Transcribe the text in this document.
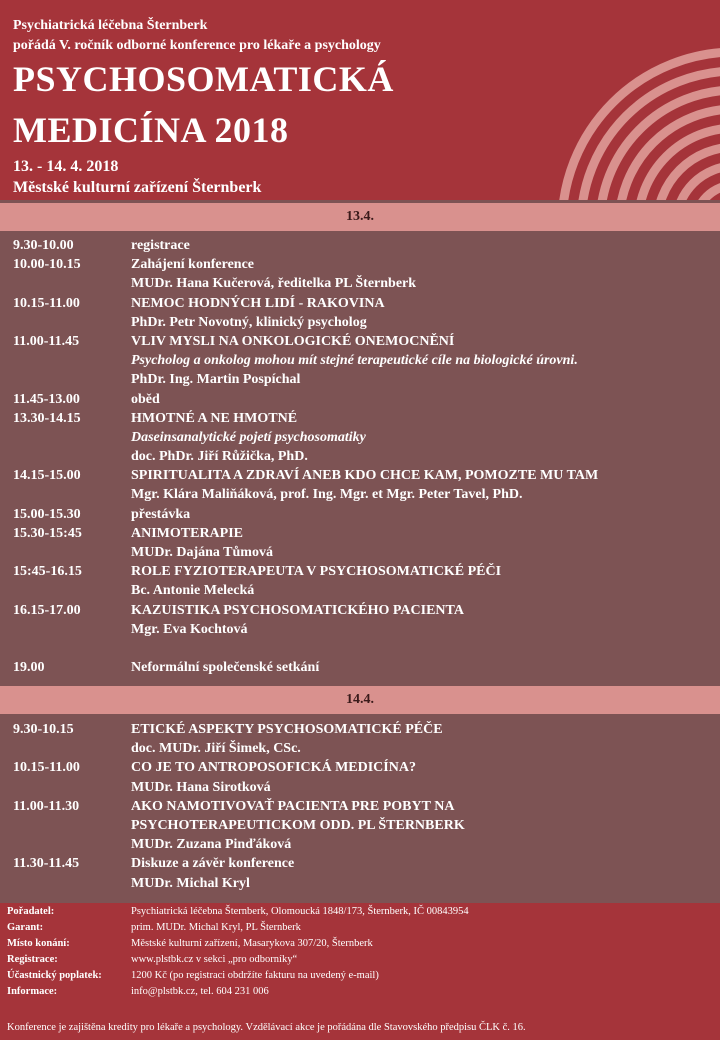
Psychiatrická léčebna Šternberk
pořádá V. ročník odborné konference pro lékaře a psychology
PSYCHOSOMATICKÁ
MEDICÍNA 2018
13. - 14. 4. 2018
Městské kulturní zařízení Šternberk
13.4.
9.30-10.00	registrace
10.00-10.15	Zahájení konference
MUDr. Hana Kučerová, ředitelka PL Šternberk
10.15-11.00	NEMOC HODNÝCH LIDÍ - RAKOVINA
PhDr. Petr Novotný, klinický psycholog
11.00-11.45	VLIV MYSLI NA ONKOLOGICKÉ ONEMOCNĚNÍ
Psycholog a onkolog mohou mít stejné terapeutické cíle na biologické úrovni.
PhDr. Ing. Martin Pospíchal
11.45-13.00	oběd
13.30-14.15	HMOTNÉ A NE HMOTNÉ
Daseinsanalytické pojetí psychosomatiky
doc. PhDr. Jiří Růžička, PhD.
14.15-15.00	SPIRITUALITA A ZDRAVÍ ANEB KDO CHCE KAM, POMOZTE MU TAM
Mgr. Klára Maliňáková, prof. Ing. Mgr. et Mgr. Peter Tavel, PhD.
15.00-15.30	přestávka
15.30-15:45	ANIMOTERAPIE
MUDr. Dajána Tůmová
15:45-16.15	ROLE FYZIOTERAPEUTA V PSYCHOSOMATICKÉ PÉČI
Bc. Antonie Melecká
16.15-17.00	KAZUISTIKA PSYCHOSOMATICKÉHO PACIENTA
Mgr. Eva Kochtová
19.00	Neformální společenské setkání
14.4.
9.30-10.15	ETICKÉ ASPEKTY PSYCHOSOMATICKÉ PÉČE
doc. MUDr. Jiří Šimek, CSc.
10.15-11.00	CO JE TO ANTROPOSOFICKÁ MEDICÍNA?
MUDr. Hana Sirotková
11.00-11.30	AKO NAMOTIVOVAŤ PACIENTA PRE POBYT NA
PSYCHOTERAPEUTICKOM ODD. PL ŠTERNBERK
MUDr. Zuzana Pinďáková
11.30-11.45	Diskuze a závěr konference
MUDr. Michal Kryl
Pořadatel:	Psychiatrická léčebna Šternberk, Olomoucká 1848/173, Šternberk, IČ 00843954
Garant:	prim. MUDr. Michal Kryl, PL Šternberk
Místo konání:	Městské kulturní zařízení, Masarykova 307/20, Šternberk
Registrace:	www.plstbk.cz v sekci „pro odborníky“
Účastnický poplatek:	1200 Kč (po registraci obdržíte fakturu na uvedený e-mail)
Informace:	info@plstbk.cz, tel. 604 231 006
Konference je zajištěna kredity pro lékaře a psychology. Vzdělávací akce je pořádána dle Stavovského předpisu ČLK č. 16.
